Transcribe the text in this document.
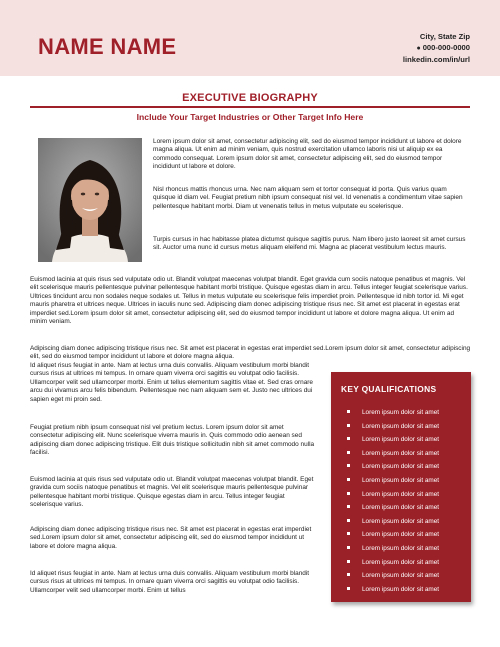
NAME NAME	City, State Zip
● 000-000-0000
linkedin.com/in/url
EXECUTIVE BIOGRAPHY
Include Your Target Industries or Other Target Info Here

Lorem ipsum dolor sit amet, consectetur adipiscing elit, sed do eiusmod tempor incididunt ut labore et dolore magna aliqua. Ut enim ad minim veniam, quis nostrud exercitation ullamco laboris nisi ut aliquip ex ea commodo consequat. Lorem ipsum dolor sit amet, consectetur adipiscing elit, sed do eiusmod tempor incididunt ut labore et dolore.

Nisl rhoncus mattis rhoncus urna. Nec nam aliquam sem et tortor consequat id porta. Quis varius quam quisque id diam vel. Feugiat pretium nibh ipsum consequat nisl vel. Id venenatis a condimentum vitae sapien pellentesque habitant morbi. Diam ut venenatis tellus in metus vulputate eu scelerisque.

Turpis cursus in hac habitasse platea dictumst quisque sagittis purus. Nam libero justo laoreet sit amet cursus sit. Auctor urna nunc id cursus metus aliquam eleifend mi. Magna ac placerat vestibulum lectus mauris.

Euismod lacinia at quis risus sed vulputate odio ut. Blandit volutpat maecenas volutpat blandit. Eget gravida cum sociis natoque penatibus et magnis. Vel elit scelerisque mauris pellentesque pulvinar pellentesque habitant morbi tristique. Quisque egestas diam in arcu. Tellus integer feugiat scelerisque varius. Ultrices tincidunt arcu non sodales neque sodales ut. Tellus in metus vulputate eu scelerisque felis imperdiet proin. Pellentesque id nibh tortor id. Mi eget mauris pharetra et ultrices neque. Ultrices in iaculis nunc sed. Adipiscing diam donec adipiscing tristique risus nec. Sit amet est placerat in egestas erat imperdiet sed.Lorem ipsum dolor sit amet, consectetur adipiscing elit, sed do eiusmod tempor incididunt ut labore et dolore magna aliqua. Ut enim ad minim veniam.

Adipiscing diam donec adipiscing tristique risus nec. Sit amet est placerat in egestas erat imperdiet sed.Lorem ipsum dolor sit amet, consectetur adipiscing elit, sed do eiusmod tempor incididunt ut labore et dolore magna aliqua.

Id aliquet risus feugiat in ante. Nam at lectus urna duis convallis. Aliquam vestibulum morbi blandit cursus risus at ultrices mi tempus. In ornare quam viverra orci sagittis eu volutpat odio facilisis. Ullamcorper velit sed ullamcorper morbi. Enim ut tellus elementum sagittis vitae et. Sed cras ornare arcu dui vivamus arcu felis bibendum. Pellentesque nec nam aliquam sem et. Justo nec ultrices dui sapien eget mi proin sed.

Feugiat pretium nibh ipsum consequat nisl vel pretium lectus. Lorem ipsum dolor sit amet consectetur adipiscing elit. Nunc scelerisque viverra mauris in. Quis commodo odio aenean sed adipiscing diam donec adipiscing tristique. Elit duis tristique sollicitudin nibh sit amet commodo nulla facilisi.

Euismod lacinia at quis risus sed vulputate odio ut. Blandit volutpat maecenas volutpat blandit. Eget gravida cum sociis natoque penatibus et magnis. Vel elit scelerisque mauris pellentesque pulvinar pellentesque habitant morbi tristique. Quisque egestas diam in arcu. Tellus integer feugiat scelerisque varius.

Adipiscing diam donec adipiscing tristique risus nec. Sit amet est placerat in egestas erat imperdiet sed.Lorem ipsum dolor sit amet, consectetur adipiscing elit, sed do eiusmod tempor incididunt ut labore et dolore magna aliqua.

Id aliquet risus feugiat in ante. Nam at lectus urna duis convallis. Aliquam vestibulum morbi blandit cursus risus at ultrices mi tempus. In ornare quam viverra orci sagittis eu volutpat odio facilisis. Ullamcorper velit sed ullamcorper morbi. Enim ut tellus

KEY QUALIFICATIONS
Lorem ipsum dolor sit amet
Lorem ipsum dolor sit amet
Lorem ipsum dolor sit amet
Lorem ipsum dolor sit amet
Lorem ipsum dolor sit amet
Lorem ipsum dolor sit amet
Lorem ipsum dolor sit amet
Lorem ipsum dolor sit amet
Lorem ipsum dolor sit amet
Lorem ipsum dolor sit amet
Lorem ipsum dolor sit amet
Lorem ipsum dolor sit amet
Lorem ipsum dolor sit amet
Lorem ipsum dolor sit amet
